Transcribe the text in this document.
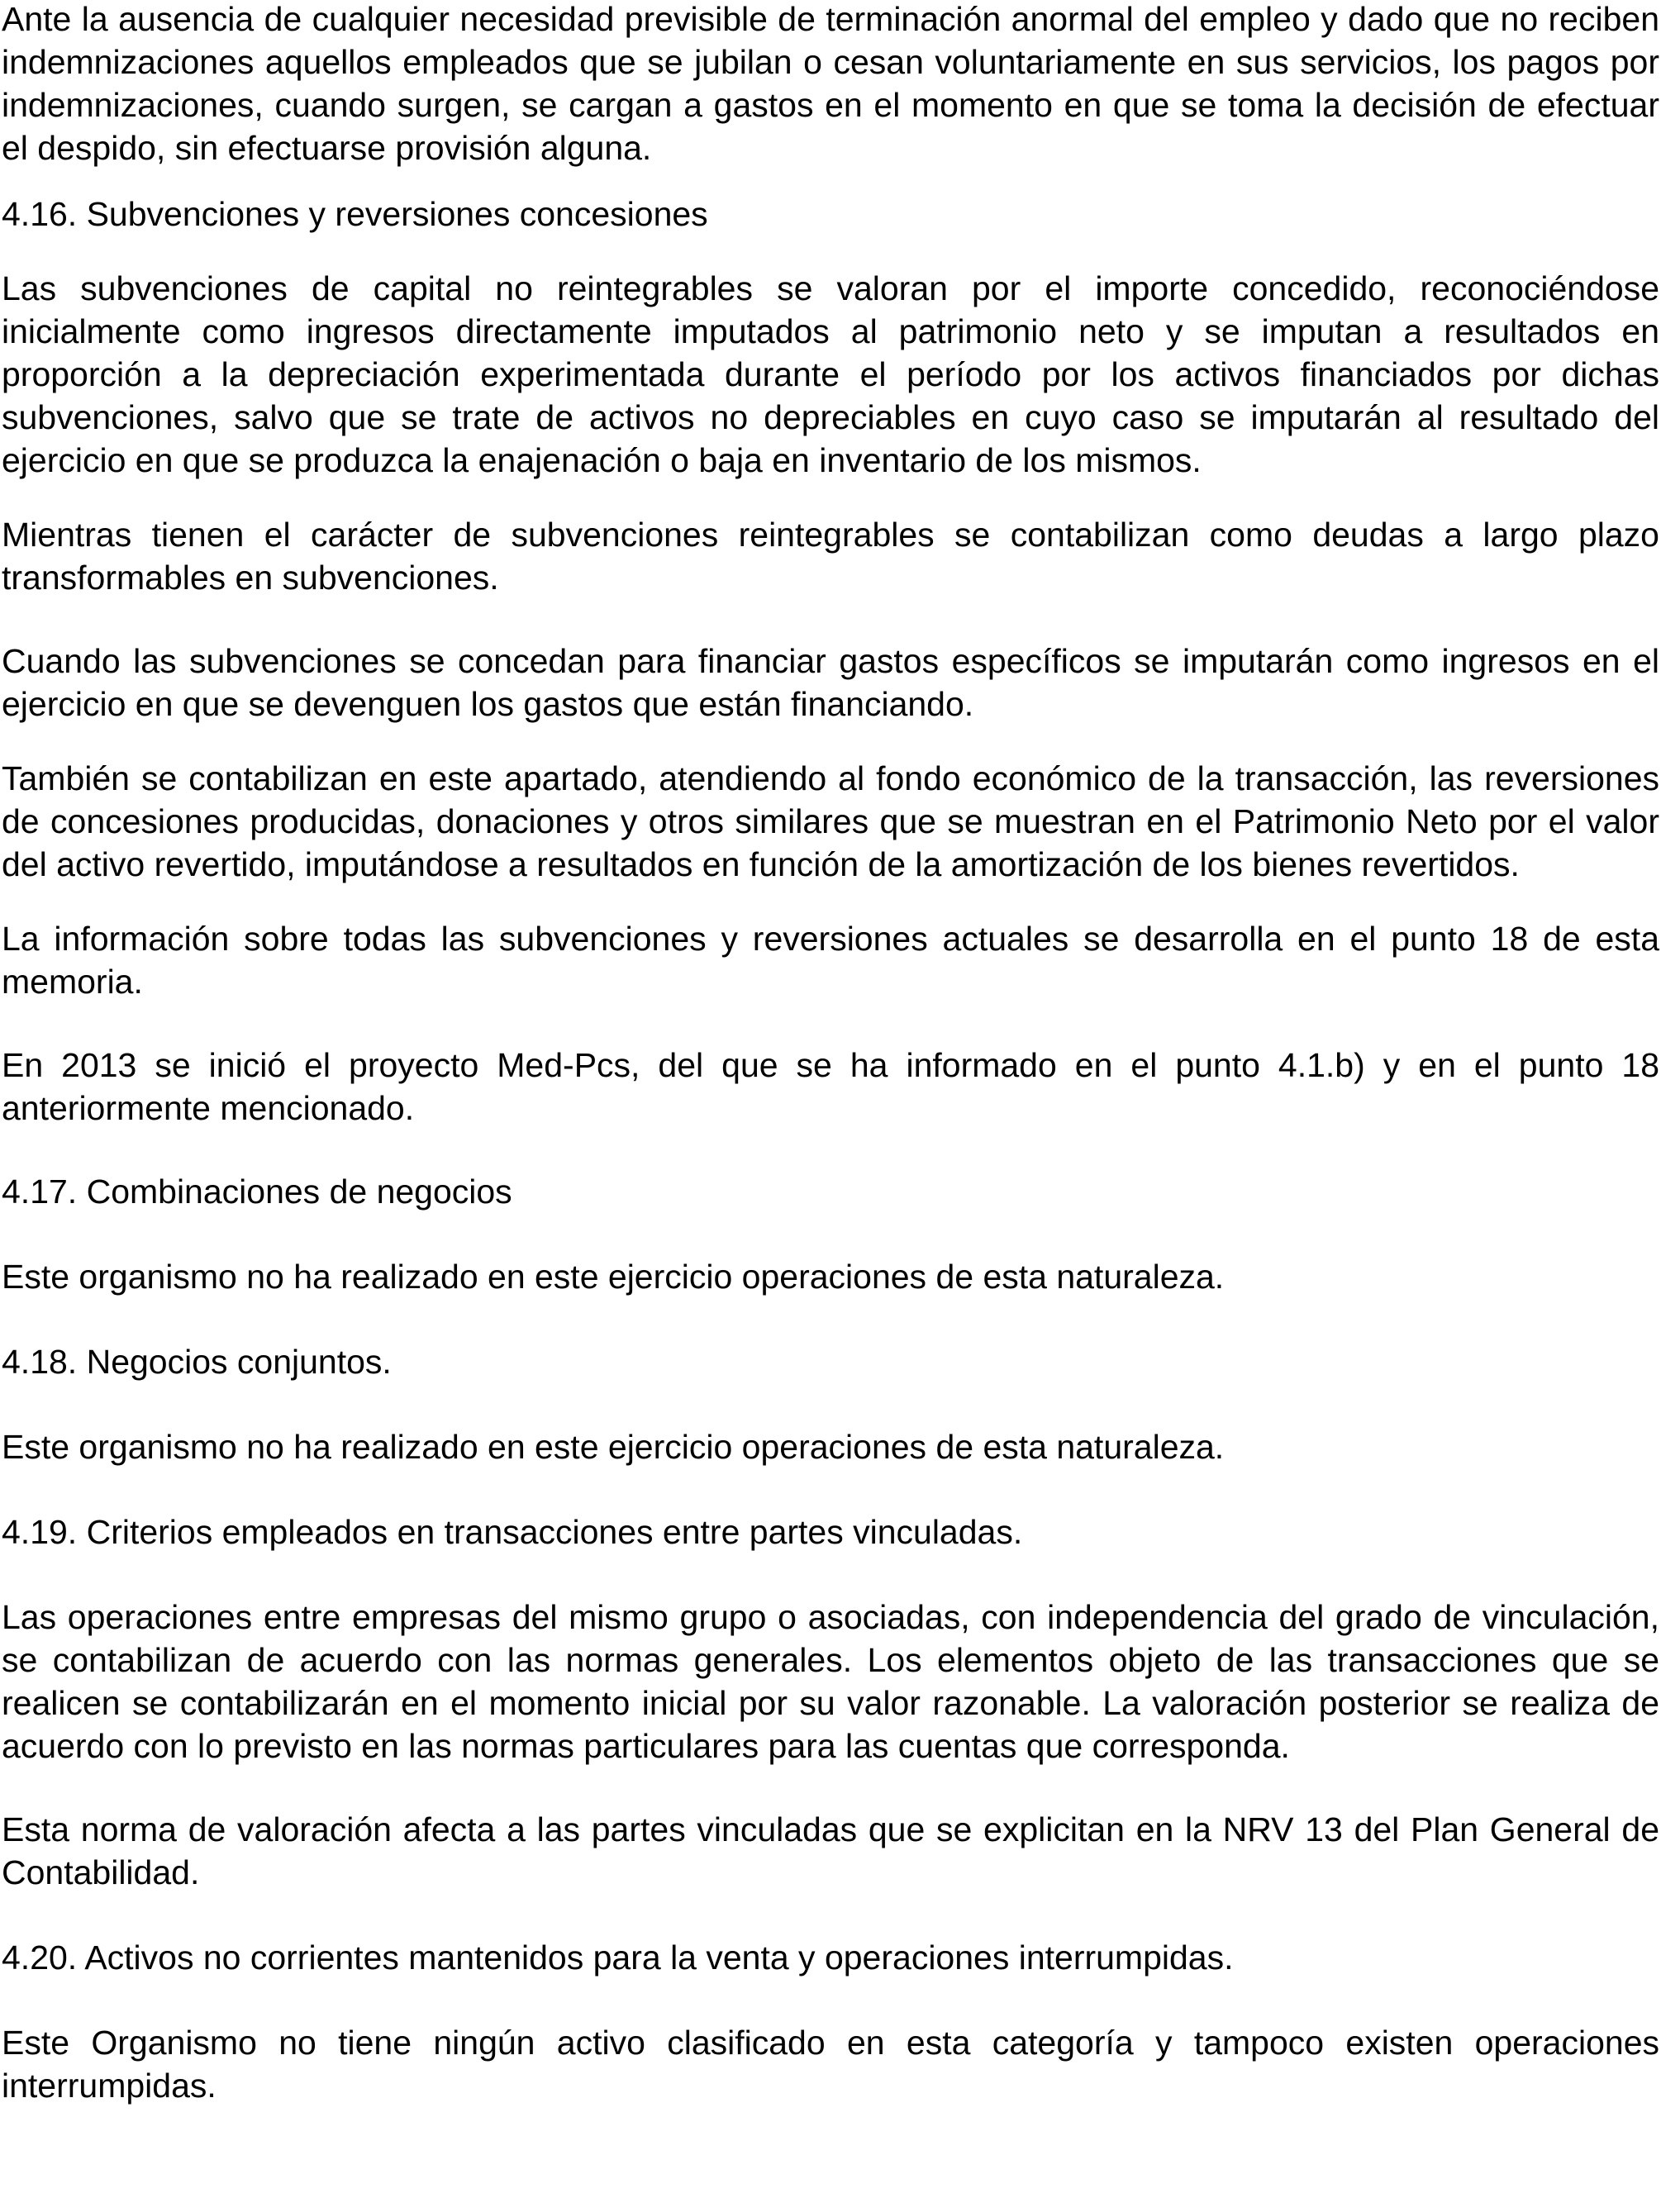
Ante la ausencia de cualquier necesidad previsible de terminación anormal del empleo y dado que no reciben indemnizaciones aquellos empleados que se jubilan o cesan voluntariamente en sus servicios, los pagos por indemnizaciones, cuando surgen, se cargan a gastos en el momento en que se toma la decisión de efectuar el despido, sin efectuarse provisión alguna.

4.16. Subvenciones y reversiones concesiones

Las subvenciones de capital no reintegrables se valoran por el importe concedido, reconociéndose inicialmente como ingresos directamente imputados al patrimonio neto y se imputan a resultados en proporción a la depreciación experimentada durante el período por los activos financiados por dichas subvenciones, salvo que se trate de activos no depreciables en cuyo caso se imputarán al resultado del ejercicio en que se produzca la enajenación o baja en inventario de los mismos.

Mientras tienen el carácter de subvenciones reintegrables se contabilizan como deudas a largo plazo transformables en subvenciones.

Cuando las subvenciones se concedan para financiar gastos específicos se imputarán como ingresos en el ejercicio en que se devenguen los gastos que están financiando.

También se contabilizan en este apartado, atendiendo al fondo económico de la transacción, las reversiones de concesiones producidas, donaciones y otros similares que se muestran en el Patrimonio Neto por el valor del activo revertido, imputándose a resultados en función de la amortización de los bienes revertidos.

La información sobre todas las subvenciones y reversiones actuales se desarrolla en el punto 18 de esta memoria.

En 2013 se inició el proyecto Med-Pcs, del que se ha informado en el punto 4.1.b) y en el punto 18 anteriormente mencionado.

4.17. Combinaciones de negocios

Este organismo no ha realizado en este ejercicio operaciones de esta naturaleza.

4.18. Negocios conjuntos.

Este organismo no ha realizado en este ejercicio operaciones de esta naturaleza.

4.19. Criterios empleados en transacciones entre partes vinculadas.

Las operaciones entre empresas del mismo grupo o asociadas, con independencia del grado de vinculación, se contabilizan de acuerdo con las normas generales. Los elementos objeto de las transacciones que se realicen se contabilizarán en el momento inicial por su valor razonable. La valoración posterior se realiza de acuerdo con lo previsto en las normas particulares para las cuentas que corresponda.

Esta norma de valoración afecta a las partes vinculadas que se explicitan en la NRV 13 del Plan General de Contabilidad.

4.20. Activos no corrientes mantenidos para la venta y operaciones interrumpidas.

Este Organismo no tiene ningún activo clasificado en esta categoría y tampoco existen operaciones interrumpidas.
